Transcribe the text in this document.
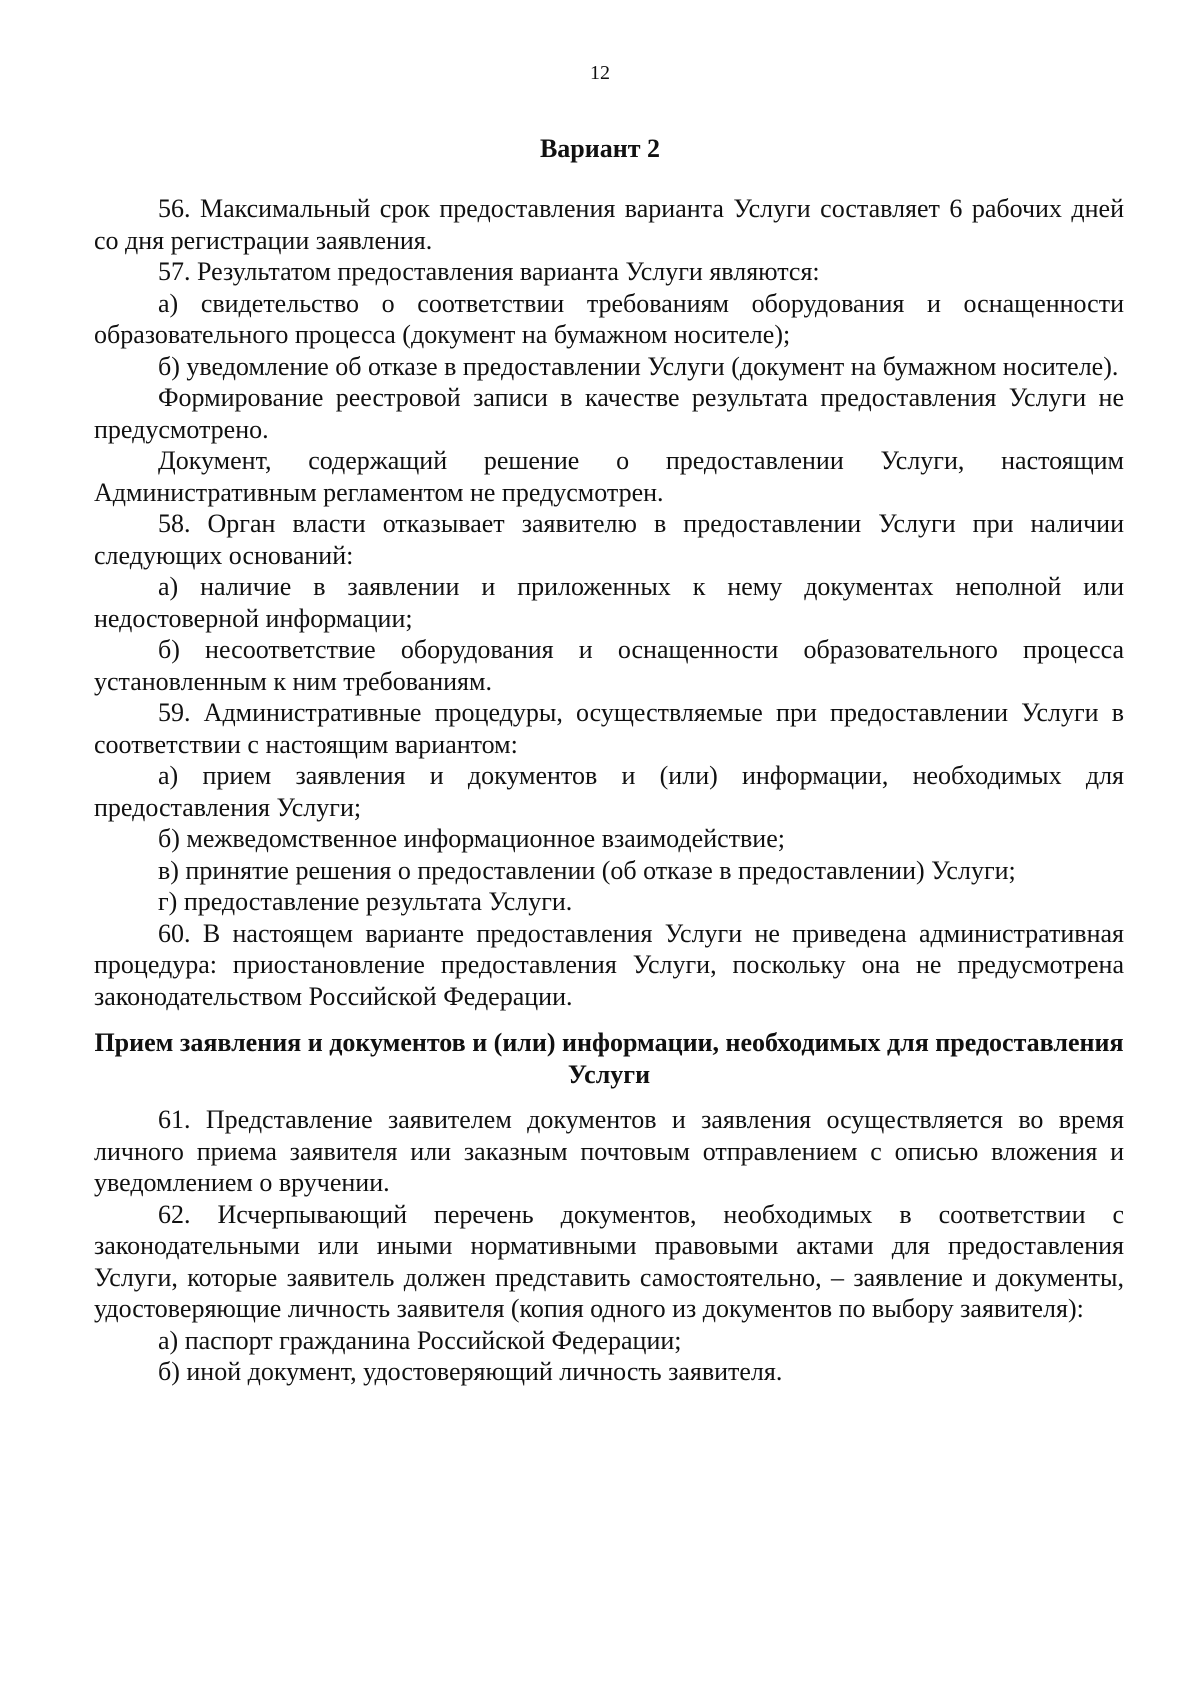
12
Вариант 2

56. Максимальный срок предоставления варианта Услуги составляет 6 рабочих дней со дня регистрации заявления.

57. Результатом предоставления варианта Услуги являются:

а) свидетельство о соответствии требованиям оборудования и оснащенности образовательного процесса (документ на бумажном носителе);

б) уведомление об отказе в предоставлении Услуги (документ на бумажном носителе).

Формирование реестровой записи в качестве результата предоставления Услуги не предусмотрено.

Документ, содержащий решение о предоставлении Услуги, настоящим Административным регламентом не предусмотрен.

58. Орган власти отказывает заявителю в предоставлении Услуги при наличии следующих оснований:

а) наличие в заявлении и приложенных к нему документах неполной или недостоверной информации;

б) несоответствие оборудования и оснащенности образовательного процесса установленным к ним требованиям.

59. Административные процедуры, осуществляемые при предоставлении Услуги в соответствии с настоящим вариантом:

а) прием заявления и документов и (или) информации, необходимых для предоставления Услуги;

б) межведомственное информационное взаимодействие;

в) принятие решения о предоставлении (об отказе в предоставлении) Услуги;

г) предоставление результата Услуги.

60. В настоящем варианте предоставления Услуги не приведена административная процедура: приостановление предоставления Услуги, поскольку она не предусмотрена законодательством Российской Федерации.

Прием заявления и документов и (или) информации, необходимых для предоставления Услуги

61. Представление заявителем документов и заявления осуществляется во время личного приема заявителя или заказным почтовым отправлением с описью вложения и уведомлением о вручении.

62. Исчерпывающий перечень документов, необходимых в соответствии с законодательными или иными нормативными правовыми актами для предоставления Услуги, которые заявитель должен представить самостоятельно, – заявление и документы, удостоверяющие личность заявителя (копия одного из документов по выбору заявителя):

а) паспорт гражданина Российской Федерации;

б) иной документ, удостоверяющий личность заявителя.
